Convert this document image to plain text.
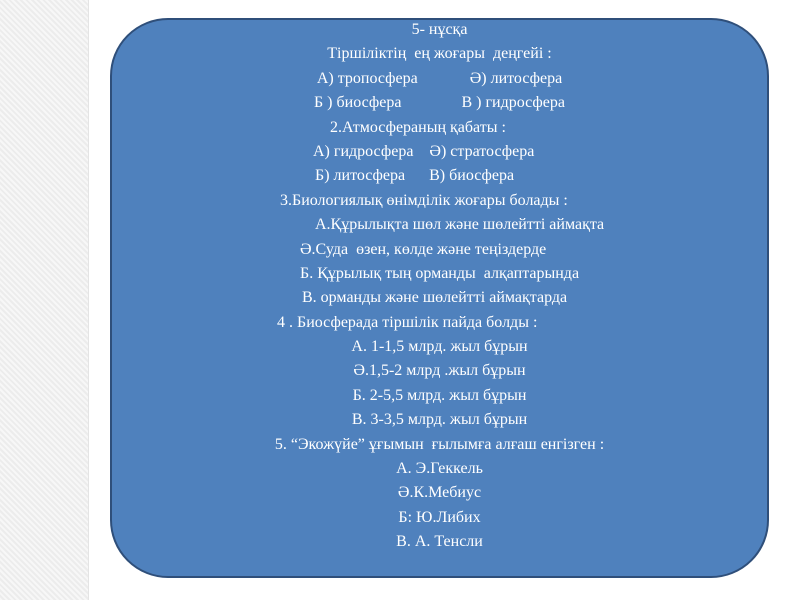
5- нұсқа
Тіршіліктің  ең жоғары  деңгейі :
А) тропосфера             Ә) литосфера
Б ) биосфера               В ) гидросфера
2.Атмосфераның қабаты :
А) гидросфера    Ә) стратосфера
Б) литосфера      В) биосфера
3.Биологиялық өнімділік жоғары болады :
А.Құрылықта шөл және шөлейтті аймақта
Ә.Суда  өзен, көлде және теңіздерде
Б. Құрылық тың орманды  алқаптарында
В. орманды және шөлейтті аймақтарда
4 . Биосферада тіршілік пайда болды :
А. 1-1,5 млрд. жыл бұрын
Ә.1,5-2 млрд .жыл бұрын
Б. 2-5,5 млрд. жыл бұрын
В. 3-3,5 млрд. жыл бұрын
5. “Экожүйе” ұғымын  ғылымға алғаш енгізген :
А. Э.Геккель
Ә.К.Мебиус
Б: Ю.Либих
В. А. Тенсли
